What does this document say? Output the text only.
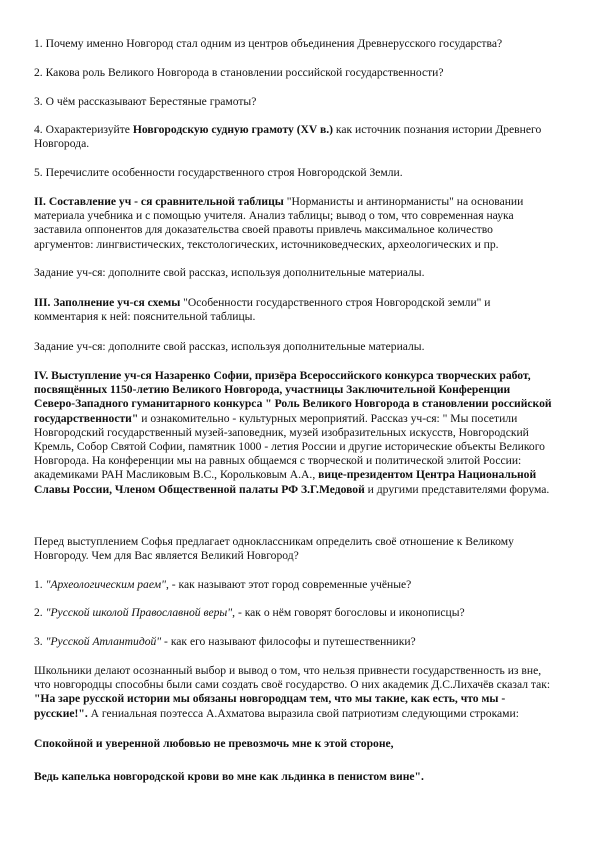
1. Почему именно Новгород стал одним из центров объединения Древнерусского государства?

2. Какова роль Великого Новгорода в становлении российской государственности?

3. О чём рассказывают Берестяные грамоты?

4. Охарактеризуйте Новгородскую судную грамоту (XV в.) как источник познания истории Древнего Новгорода.

5. Перечислите особенности государственного строя Новгородской Земли.

II. Составление уч - ся сравнительной таблицы "Норманисты и антинорманисты" на основании материала учебника и с помощью учителя. Анализ таблицы; вывод о том, что современная наука заставила оппонентов для доказательства своей правоты привлечь максимальное количество аргументов: лингвистических, текстологических, источниковедческих, археологических и пр.

Задание уч-ся: дополните свой рассказ, используя дополнительные материалы.

III. Заполнение уч-ся схемы "Особенности государственного строя Новгородской земли" и комментария к ней: пояснительной таблицы.

Задание уч-ся: дополните свой рассказ, используя дополнительные материалы.

IV. Выступление уч-ся Назаренко Софии, призёра Всероссийского конкурса творческих работ, посвящённых 1150-летию Великого Новгорода, участницы Заключительной Конференции Северо-Западного гуманитарного конкурса " Роль Великого Новгорода в становлении российской государственности" и ознакомительно - культурных мероприятий. Рассказ уч-ся: " Мы посетили Новгородский государственный музей-заповедник, музей изобразительных искусств, Новгородский Кремль, Собор Святой Софии, памятник 1000 - летия России и другие исторические объекты Великого Новгорода. На конференции мы на равных общаемся с творческой и политической элитой России: академиками РАН Масликовым В.С., Корольковым А.А., вице-президентом Центра Национальной Славы России, Членом Общественной палаты РФ З.Г.Медовой и другими представителями форума.

Перед выступлением Софья предлагает одноклассникам определить своё отношение к Великому Новгороду. Чем для Вас является Великий Новгород?

1. "Археологическим раем", - как называют этот город современные учёные?

2. "Русской школой Православной веры", - как о нём говорят богословы и иконописцы?

3. "Русской Атлантидой" - как его называют философы и путешественники?

Школьники делают осознанный выбор и вывод о том, что нельзя привнести государственность из вне, что новгородцы способны были сами создать своё государство. О них академик Д.С.Лихачёв сказал так: "На заре русской истории мы обязаны новгородцам тем, что мы такие, как есть, что мы - русские!". А гениальная поэтесса А.Ахматова выразила свой патриотизм следующими строками:

Спокойной и уверенной любовью не превозмочь мне к этой стороне,

Ведь капелька новгородской крови во мне как льдинка в пенистом вине".
